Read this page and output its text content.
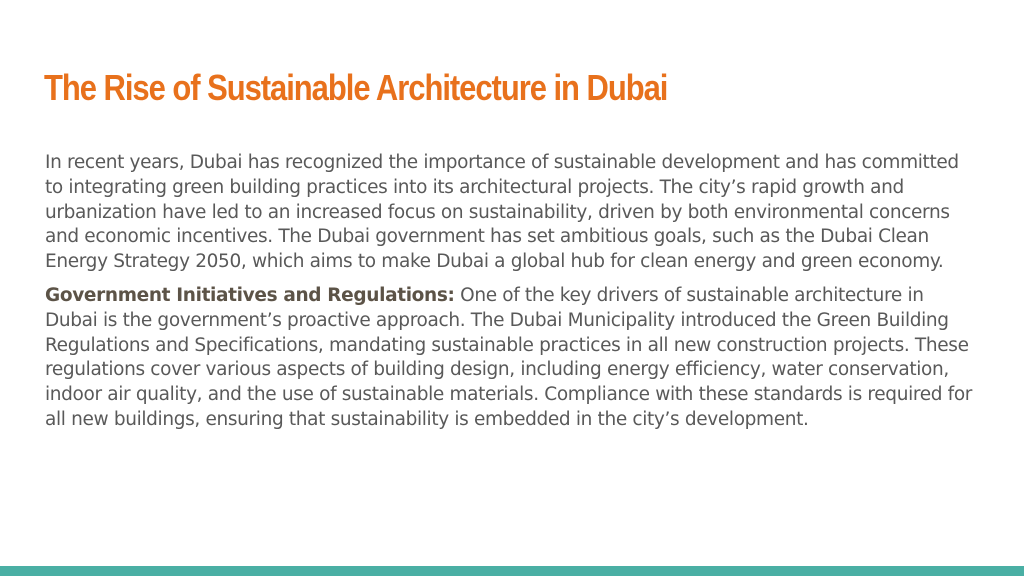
The Rise of Sustainable Architecture in Dubai

In recent years, Dubai has recognized the importance of sustainable development and has committed to integrating green building practices into its architectural projects. The city’s rapid growth and urbanization have led to an increased focus on sustainability, driven by both environmental concerns and economic incentives. The Dubai government has set ambitious goals, such as the Dubai Clean Energy Strategy 2050, which aims to make Dubai a global hub for clean energy and green economy.

Government Initiatives and Regulations: One of the key drivers of sustainable architecture in Dubai is the government’s proactive approach. The Dubai Municipality introduced the Green Building Regulations and Specifications, mandating sustainable practices in all new construction projects. These regulations cover various aspects of building design, including energy efficiency, water conservation, indoor air quality, and the use of sustainable materials. Compliance with these standards is required for all new buildings, ensuring that sustainability is embedded in the city’s development.
